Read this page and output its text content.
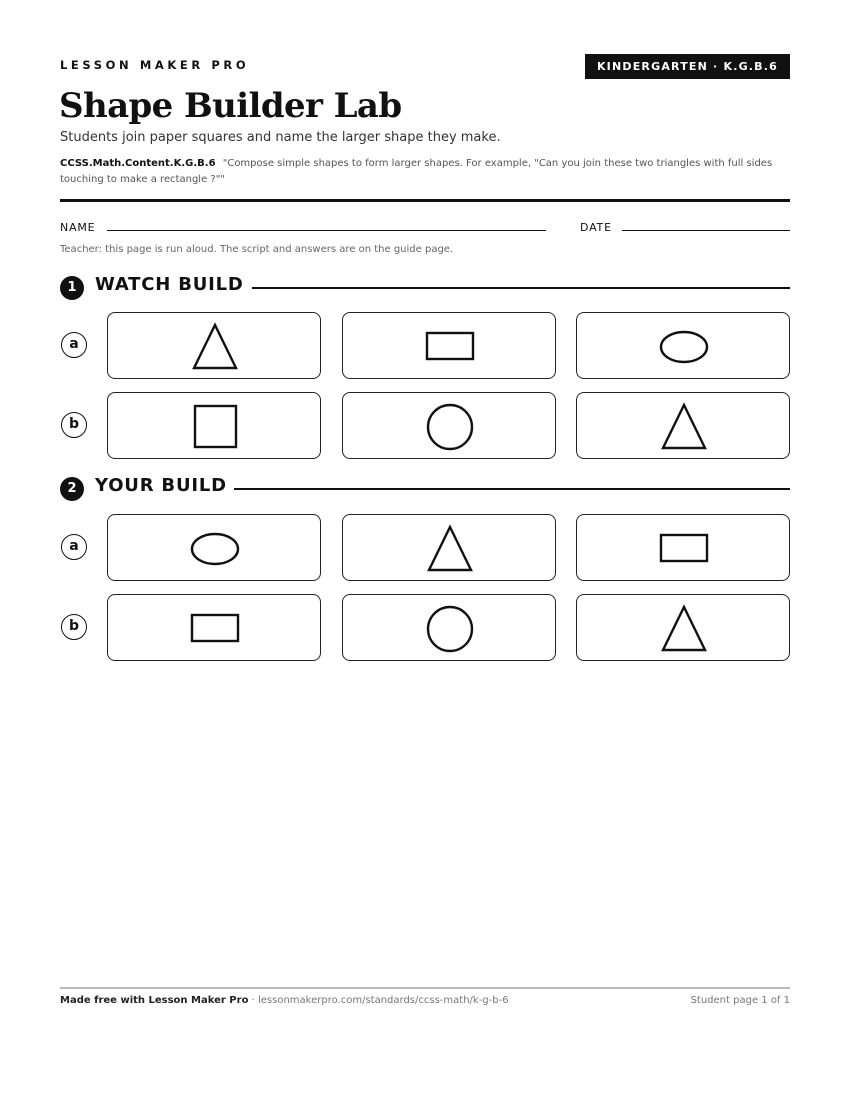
LESSON MAKER PRO	KINDERGARTEN · K.G.B.6
Shape Builder Lab
Students join paper squares and name the larger shape they make.
CCSS.Math.Content.K.G.B.6 "Compose simple shapes to form larger shapes. For example, "Can you join these two triangles with full sides touching to make a rectangle ?""
NAME	DATE
Teacher: this page is run aloud. The script and answers are on the guide page.
1	WATCH BUILD
a
b
2	YOUR BUILD
a
b
Made free with Lesson Maker Pro · lessonmakerpro.com/standards/ccss-math/k-g-b-6	Student page 1 of 1
